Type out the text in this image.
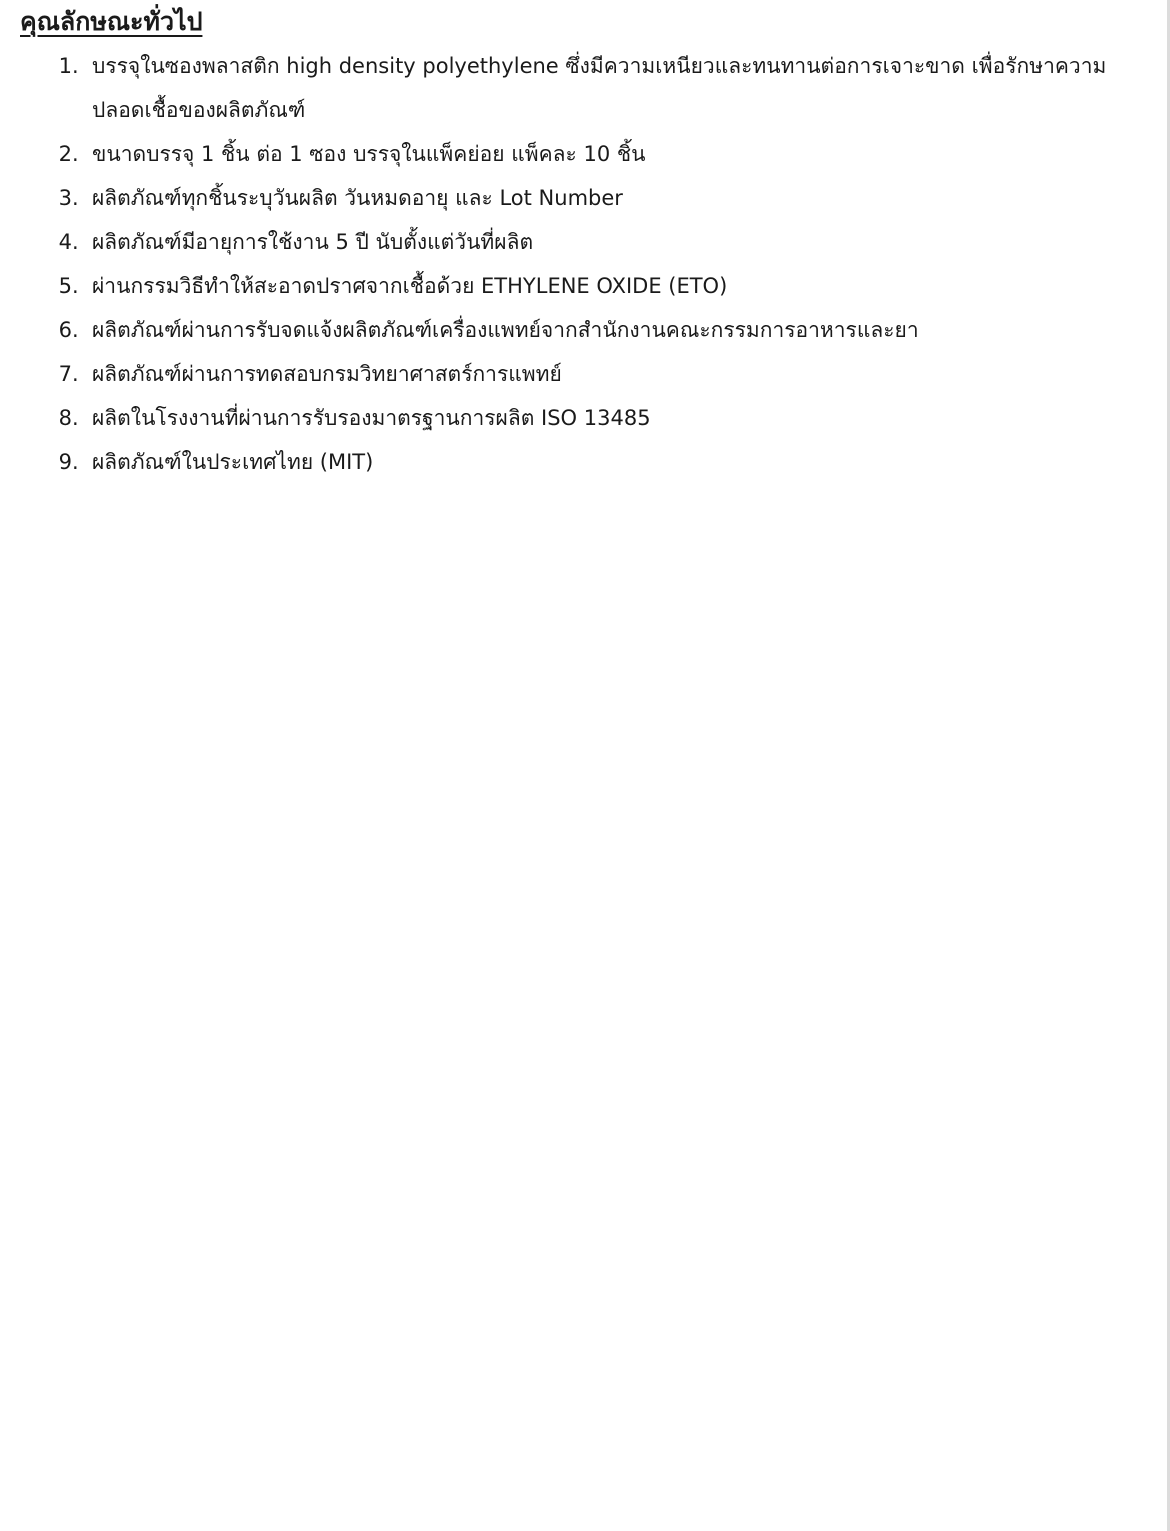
คุณลักษณะทั่วไป
1. บรรจุในซองพลาสติก high density polyethylene ซึ่งมีความเหนียวและทนทานต่อการเจาะขาด เพื่อรักษาความ

ปลอดเชื้อของผลิตภัณฑ์

2. ขนาดบรรจุ 1 ชิ้น ต่อ 1 ซอง บรรจุในแพ็คย่อย แพ็คละ 10 ชิ้น

3. ผลิตภัณฑ์ทุกชิ้นระบุวันผลิต วันหมดอายุ และ Lot Number

4. ผลิตภัณฑ์มีอายุการใช้งาน 5 ปี นับตั้งแต่วันที่ผลิต

5. ผ่านกรรมวิธีทำให้สะอาดปราศจากเชื้อด้วย ETHYLENE OXIDE (ETO)

6. ผลิตภัณฑ์ผ่านการรับจดแจ้งผลิตภัณฑ์เครื่องแพทย์จากสำนักงานคณะกรรมการอาหารและยา

7. ผลิตภัณฑ์ผ่านการทดสอบกรมวิทยาศาสตร์การแพทย์

8. ผลิตในโรงงานที่ผ่านการรับรองมาตรฐานการผลิต ISO 13485

9. ผลิตภัณฑ์ในประเทศไทย (MIT)
